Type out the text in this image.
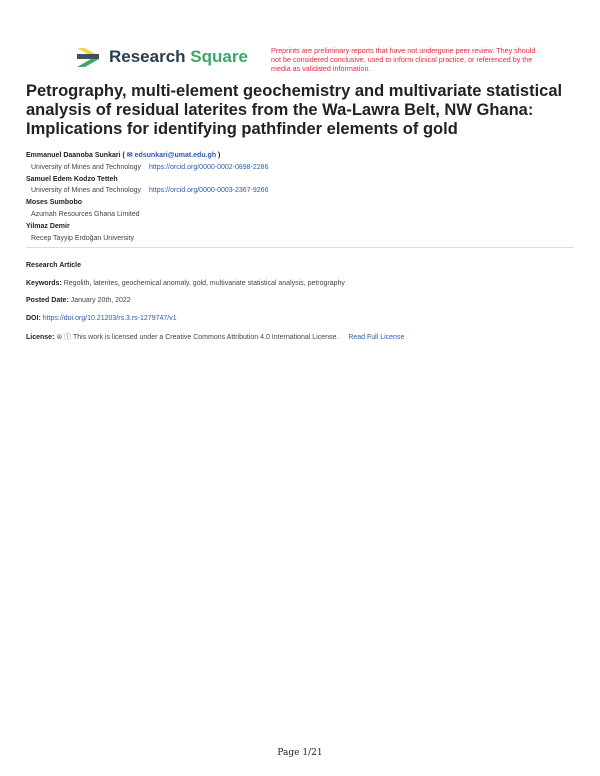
Research Square	Preprints are preliminary reports that have not undergone peer review. They should not be considered conclusive, used to inform clinical practice, or referenced by the media as validated information.
Petrography, multi-element geochemistry and multivariate statistical analysis of residual laterites from the Wa-Lawra Belt, NW Ghana: Implications for identifying pathfinder elements of gold
Emmanuel Daanoba Sunkari ( ✉ edsunkari@umat.edu.gh )
University of Mines and Technology https://orcid.org/0000-0002-0898-2286
Samuel Edem Kodzo Tetteh
University of Mines and Technology https://orcid.org/0000-0003-2367-9266
Moses Sumbobo
Azumah Resources Ghana Limited
Yilmaz Demir
Recep Tayyip Erdoğan University
Research Article
Keywords: Regolith, laterites, geochemical anomaly, gold, multivariate statistical analysis, petrography
Posted Date: January 20th, 2022
DOI: https://doi.org/10.21203/rs.3.rs-1279747/v1
License: ⊜ ⓘ This work is licensed under a Creative Commons Attribution 4.0 International License. Read Full License
Page 1/21
